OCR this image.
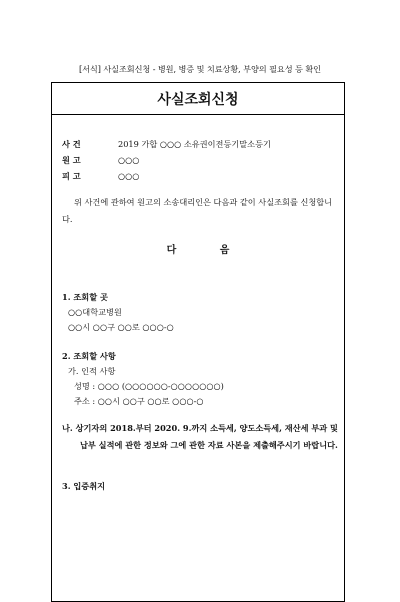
[서식] 사실조회신청 - 병원, 병증 및 치료상황, 부양의 필요성 등 확인
사실조회신청
사 건	2019 가합 ○○○ 소유권이전등기말소등기
원 고	○○○
피 고	○○○
위 사건에 관하여 원고의 소송대리인은 다음과 같이 사실조회를 신청합니다.
다 음
1. 조회할 곳
○○대학교병원
○○시 ○○구 ○○로 ○○○-○
2. 조회할 사항
가. 인적 사항
성명 : ○○○ (○○○○○○-○○○○○○○)
주소 : ○○시 ○○구 ○○로 ○○○-○
나. 상기자의 2018.부터 2020. 9.까지 소득세, 양도소득세, 재산세 부과 및 납부 실적에 관한 정보와 그에 관한 자료 사본을 제출해주시기 바랍니다.
3. 입증취지
